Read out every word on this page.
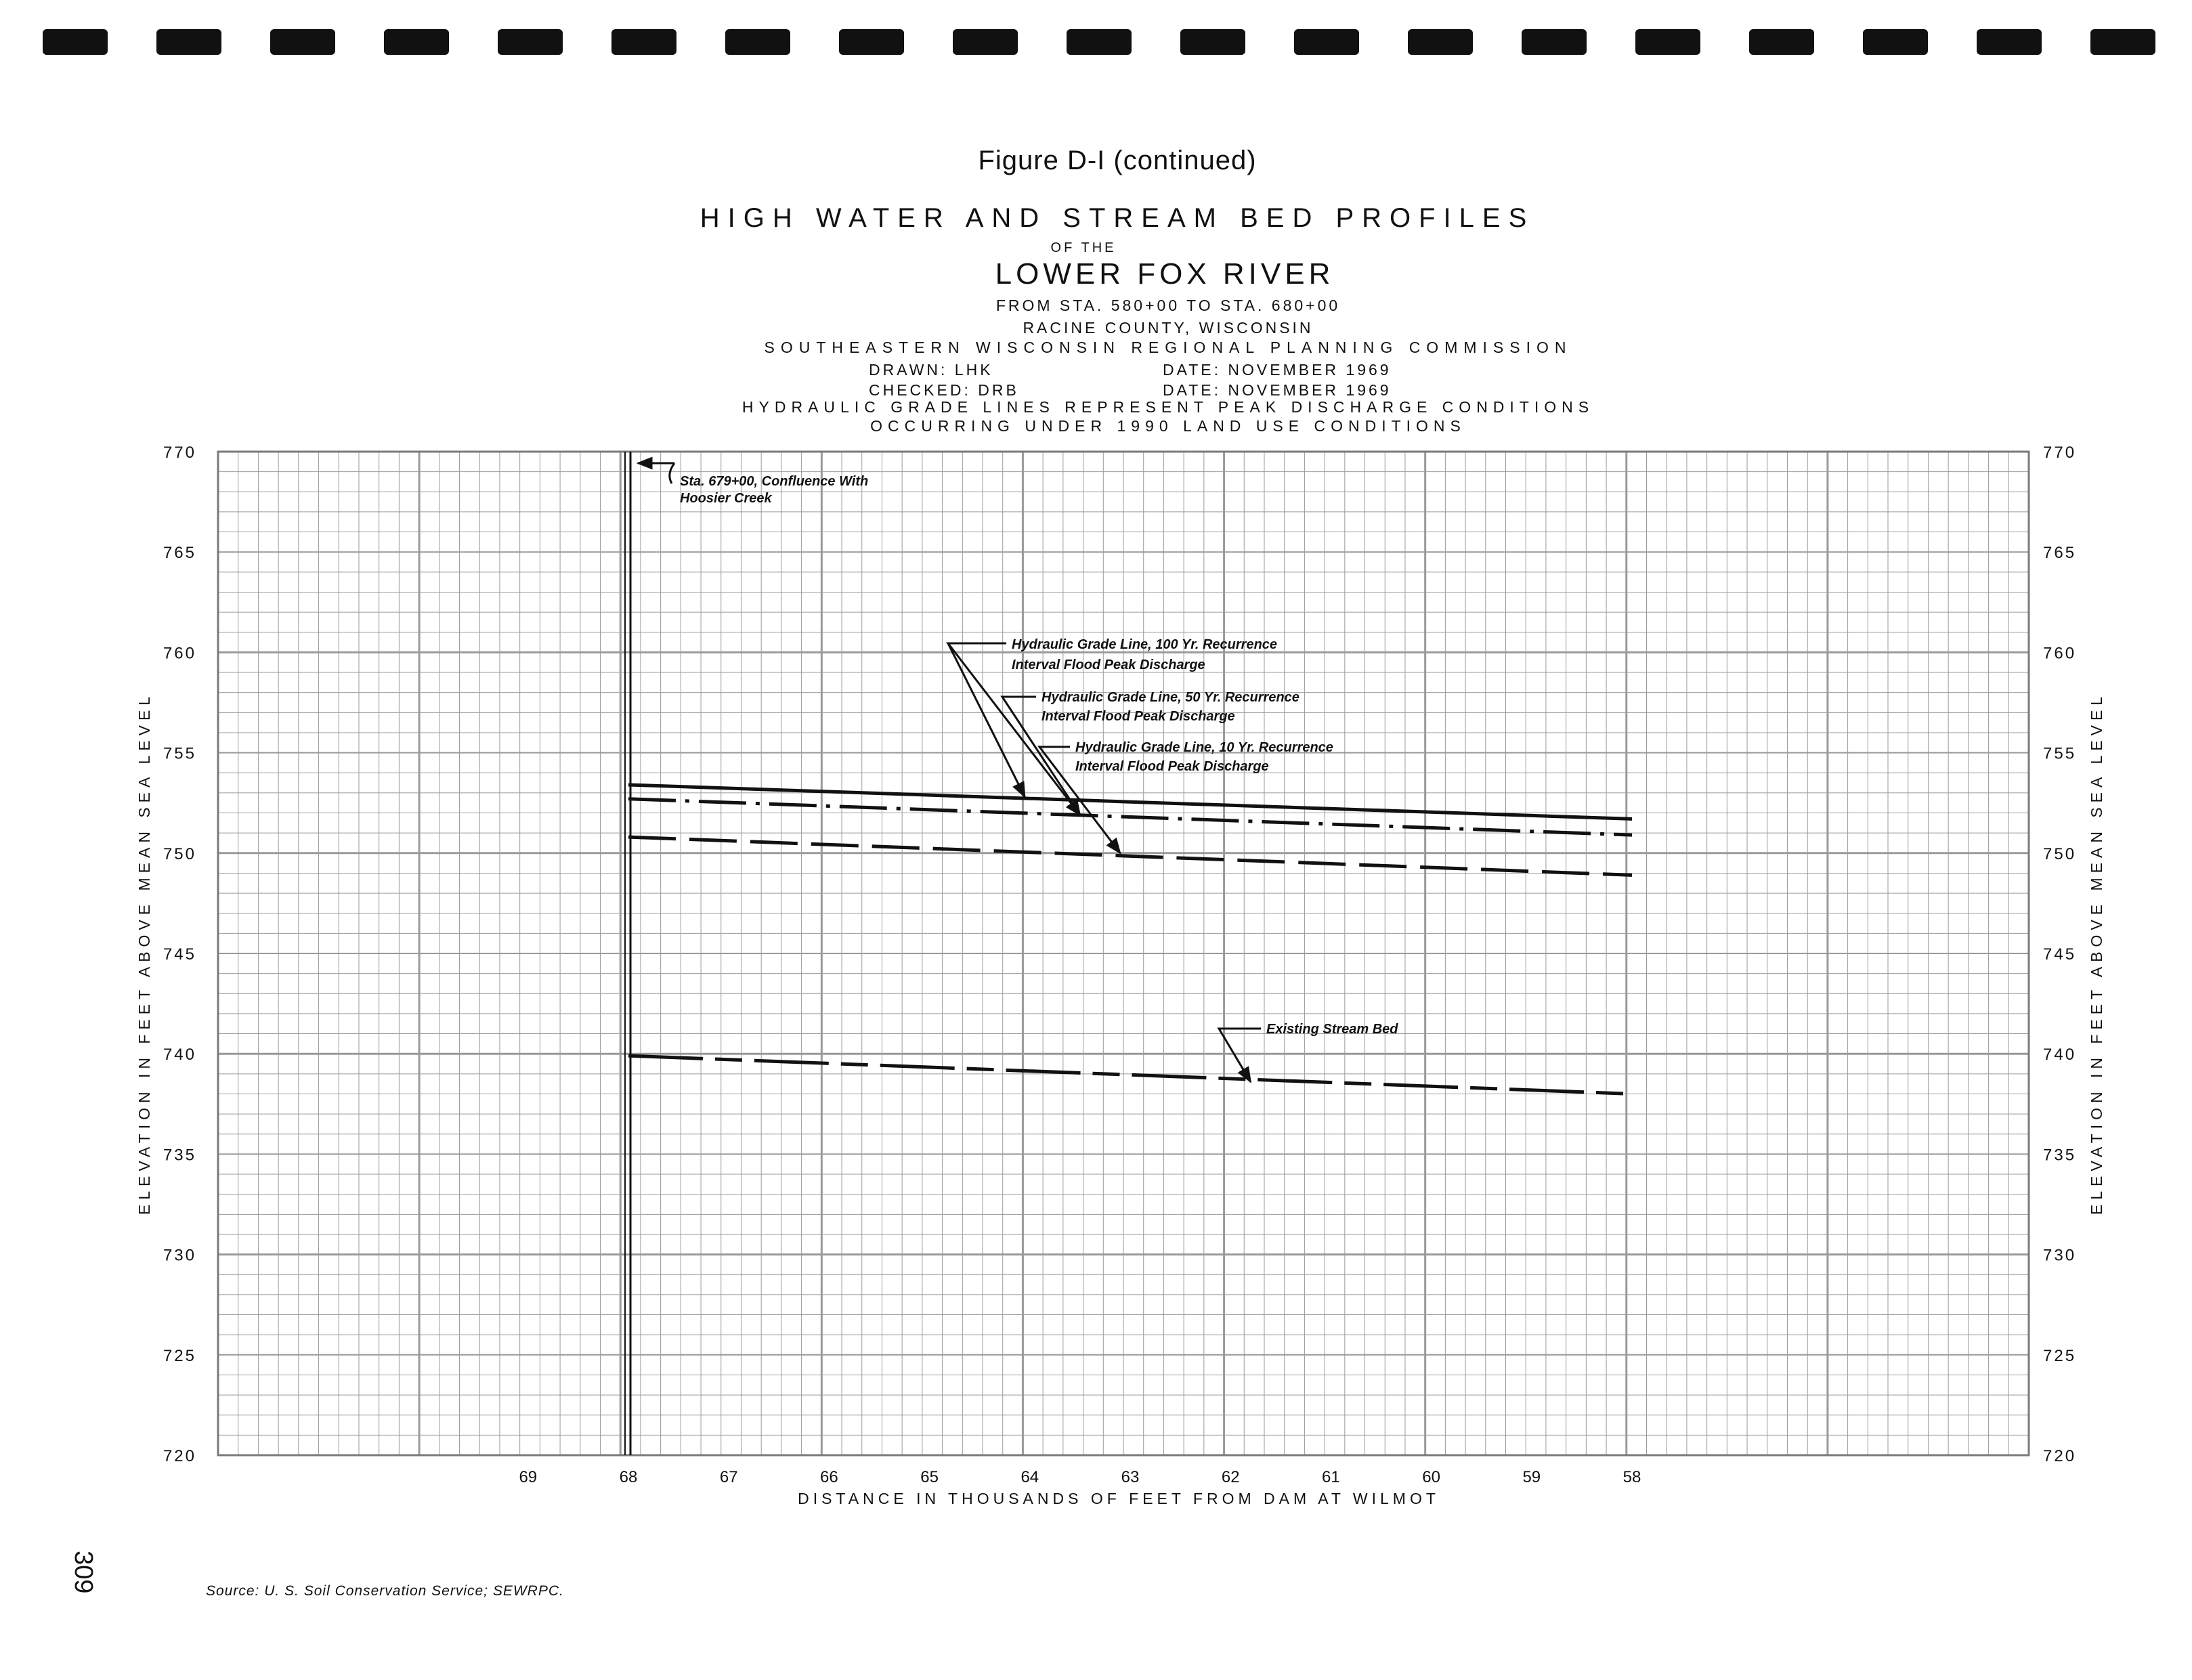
Figure D-I (continued)
HIGH WATER AND STREAM BED PROFILES
OF THE
LOWER FOX RIVER
FROM STA. 580+00 TO STA. 680+00
RACINE COUNTY, WISCONSIN
SOUTHEASTERN WISCONSIN REGIONAL PLANNING COMMISSION
DRAWN: LHK	DATE: NOVEMBER 1969
CHECKED: DRB	DATE: NOVEMBER 1969
HYDRAULIC GRADE LINES REPRESENT PEAK DISCHARGE CONDITIONS
OCCURRING UNDER 1990 LAND USE CONDITIONS
770	770
765	765
760	760
755	755
750	750
745	745
740	740
735	735
730	730
725	725
720	720
69	68	67	66	65	64	63	62	61	60	59	58
DISTANCE IN THOUSANDS OF FEET FROM DAM AT WILMOT
ELEVATION IN FEET ABOVE MEAN SEA LEVEL	ELEVATION IN FEET ABOVE MEAN SEA LEVEL
Sta. 679+00, Confluence With
Hoosier Creek
Hydraulic Grade Line, 100 Yr. Recurrence
Interval Flood Peak Discharge
Hydraulic Grade Line, 50 Yr. Recurrence
Interval Flood Peak Discharge
Hydraulic Grade Line, 10 Yr. Recurrence
Interval Flood Peak Discharge
Existing Stream Bed
309	Source: U. S. Soil Conservation Service; SEWRPC.
